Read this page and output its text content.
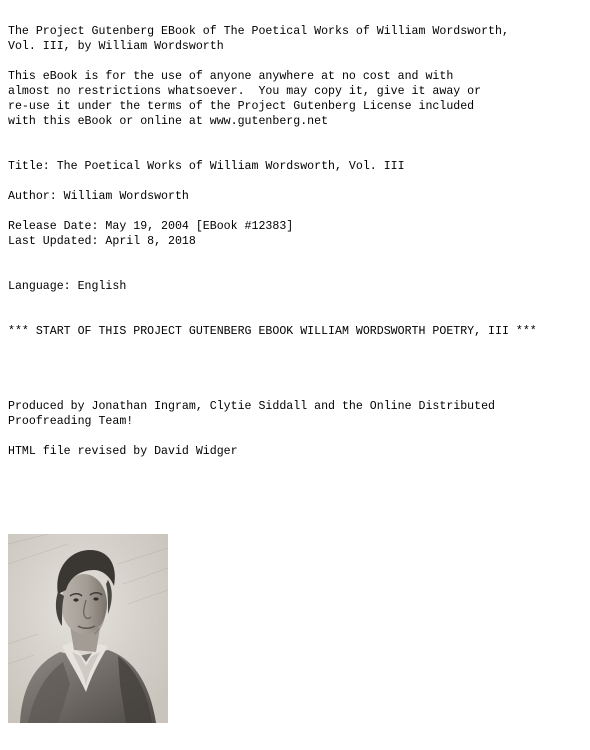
The Project Gutenberg EBook of The Poetical Works of William Wordsworth,
Vol. III, by William Wordsworth
This eBook is for the use of anyone anywhere at no cost and with
almost no restrictions whatsoever.  You may copy it, give it away or
re-use it under the terms of the Project Gutenberg License included
with this eBook or online at www.gutenberg.net
Title: The Poetical Works of William Wordsworth, Vol. III
Author: William Wordsworth
Release Date: May 19, 2004 [EBook #12383]
Last Updated: April 8, 2018
Language: English
*** START OF THIS PROJECT GUTENBERG EBOOK WILLIAM WORDSWORTH POETRY, III ***
Produced by Jonathan Ingram, Clytie Siddall and the Online Distributed
Proofreading Team!
HTML file revised by David Widger
